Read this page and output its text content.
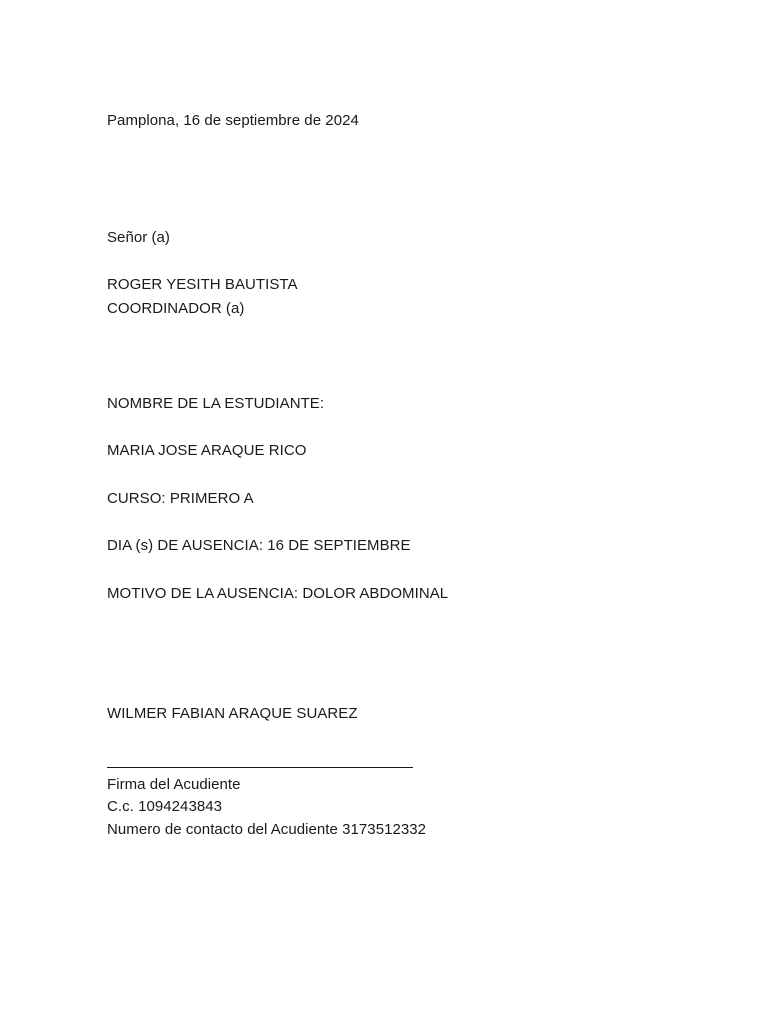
Pamplona, 16 de septiembre de 2024
Señor (a)
ROGER YESITH BAUTISTA
COORDINADOR (a)
NOMBRE DE LA ESTUDIANTE:
MARIA JOSE ARAQUE RICO
CURSO: PRIMERO A
DIA (s) DE AUSENCIA: 16 DE SEPTIEMBRE
MOTIVO DE LA AUSENCIA: DOLOR ABDOMINAL
WILMER FABIAN ARAQUE SUAREZ
Firma del Acudiente
C.c. 1094243843
Numero de contacto del Acudiente 3173512332
